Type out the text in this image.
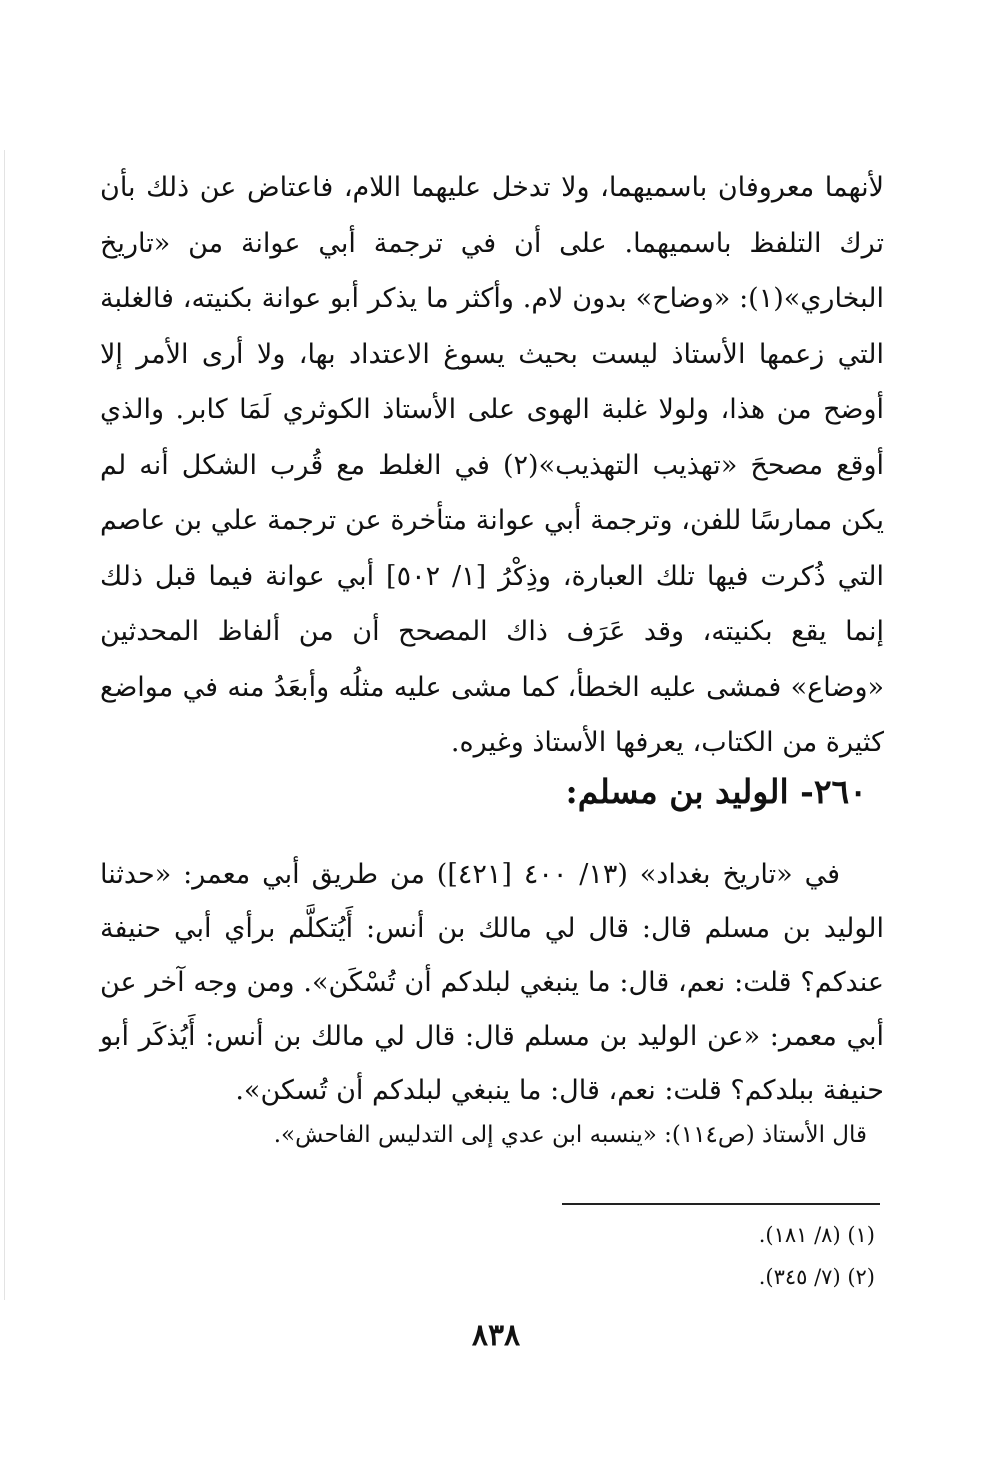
لأنهما معروفان باسميهما، ولا تدخل عليهما اللام، فاعتاض عن ذلك بأن ترك التلفظ باسميهما. على أن في ترجمة أبي عوانة من «تاريخ البخاري»(١): «وضاح» بدون لام. وأكثر ما يذكر أبو عوانة بكنيته، فالغلبة التي زعمها الأستاذ ليست بحيث يسوغ الاعتداد بها، ولا أرى الأمر إلا أوضح من هذا، ولولا غلبة الهوى على الأستاذ الكوثري لَمَا كابر. والذي أوقع مصححَ «تهذيب التهذيب»(٢) في الغلط مع قُرب الشكل أنه لم يكن ممارسًا للفن، وترجمة أبي عوانة متأخرة عن ترجمة علي بن عاصم التي ذُكرت فيها تلك العبارة، وذِكْرُ [١/ ٥٠٢] أبي عوانة فيما قبل ذلك إنما يقع بكنيته، وقد عَرَف ذاك المصحح أن من ألفاظ المحدثين «وضاع» فمشى عليه الخطأ، كما مشى عليه مثلُه وأبعَدُ منه في مواضع كثيرة من الكتاب، يعرفها الأستاذ وغيره.

٢٦٠- الوليد بن مسلم:

في «تاريخ بغداد» (١٣/ ٤٠٠ [٤٢١]) من طريق أبي معمر: «حدثنا الوليد بن مسلم قال: قال لي مالك بن أنس: أَيُتكلَّم برأي أبي حنيفة عندكم؟ قلت: نعم، قال: ما ينبغي لبلدكم أن تُسْكَن». ومن وجه آخر عن أبي معمر: «عن الوليد بن مسلم قال: قال لي مالك بن أنس: أَيُذكَر أبو حنيفة ببلدكم؟ قلت: نعم، قال: ما ينبغي لبلدكم أن تُسكن».

قال الأستاذ (ص١١٤): «ينسبه ابن عدي إلى التدليس الفاحش».

(١) (٨/ ١٨١).

(٢) (٧/ ٣٤٥).

٨٣٨
